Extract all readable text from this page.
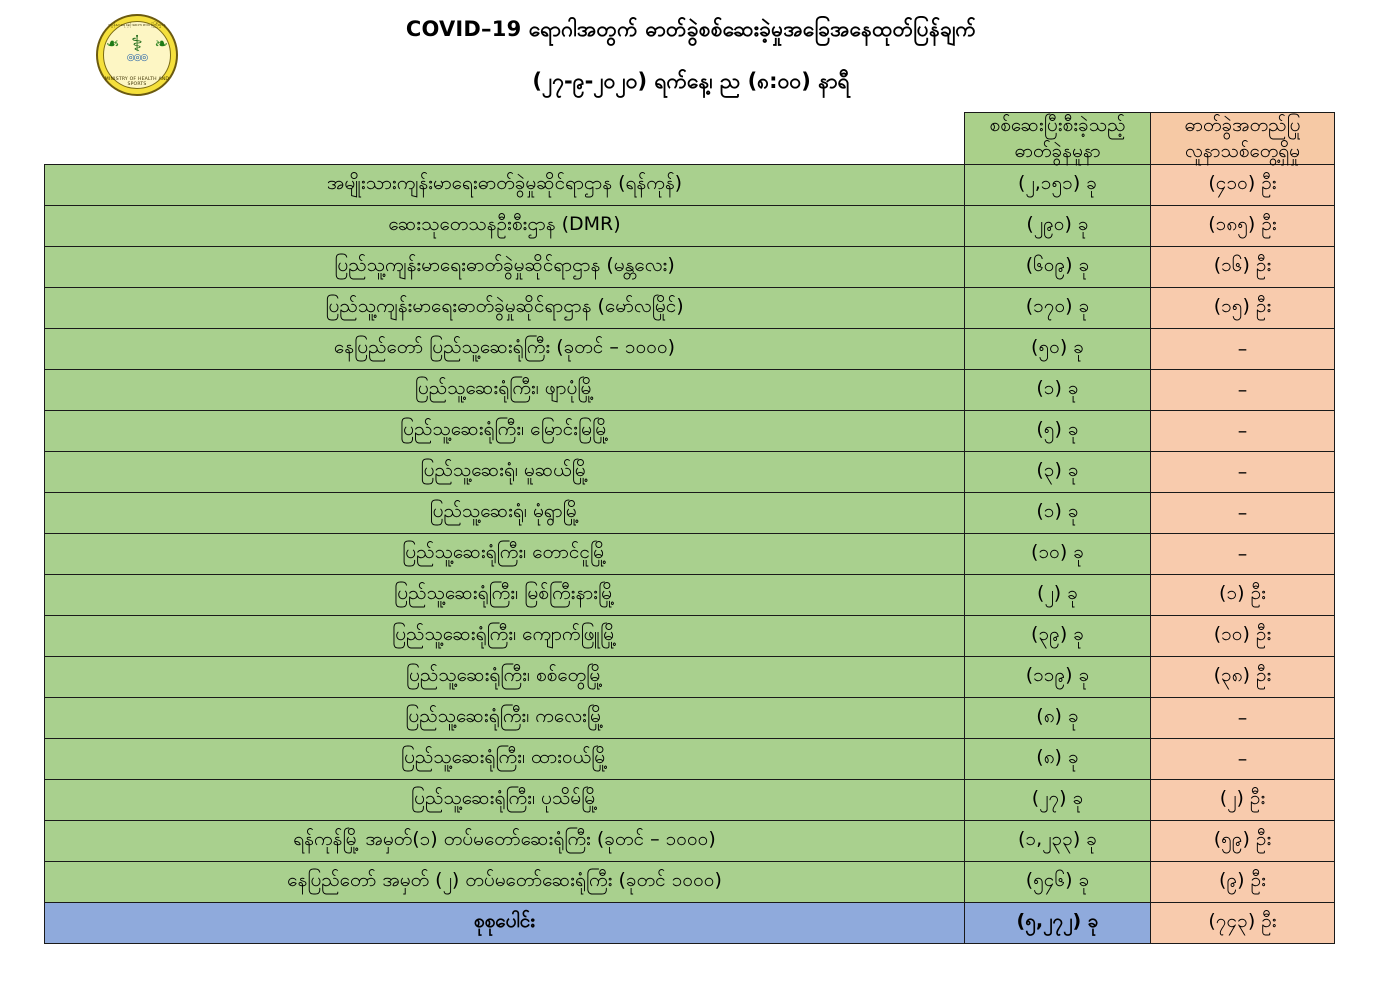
ကျန်းမာရေးနှင့်အားကစားဝန်ကြီးဌာန
MINISTRY OF HEALTH AND SPORTS
❧ ❧
⚕
◎◎◎
COVID–19 ရောဂါအတွက် ဓာတ်ခွဲစစ်ဆေးခဲ့မှုအခြေအနေထုတ်ပြန်ချက်
(၂၇-၉-၂၀၂၀) ရက်နေ့၊ ည (၈:၀၀) နာရီ

စစ်ဆေးပြီးစီးခဲ့သည့်
ဓာတ်ခွဲနမူနာ

ဓာတ်ခွဲအတည်ပြု
လူနာသစ်တွေ့ရှိမှု

အမျိုးသားကျန်းမာရေးဓာတ်ခွဲမှုဆိုင်ရာဌာန (ရန်ကုန်)	(၂,၁၅၁) ခု	(၄၁၀) ဦး
ဆေးသုတေသနဦးစီးဌာန (DMR)	(၂၉၀) ခု	(၁၈၅) ဦး
ပြည်သူ့ကျန်းမာရေးဓာတ်ခွဲမှုဆိုင်ရာဌာန (မန္တလေး)	(၆၀၉) ခု	(၁၆) ဦး
ပြည်သူ့ကျန်းမာရေးဓာတ်ခွဲမှုဆိုင်ရာဌာန (မော်လမြိုင်)	(၁၇၀) ခု	(၁၅) ဦး
နေပြည်တော် ပြည်သူ့ဆေးရုံကြီး (ခုတင် – ၁၀၀၀)	(၅၀) ခု	–
ပြည်သူ့ဆေးရုံကြီး၊ ဖျာပုံမြို့	(၁) ခု	–
ပြည်သူ့ဆေးရုံကြီး၊ မြောင်းမြမြို့	(၅) ခု	–
ပြည်သူ့ဆေးရုံ၊ မူဆယ်မြို့	(၃) ခု	–
ပြည်သူ့ဆေးရုံ၊ မုံရွာမြို့	(၁) ခု	–
ပြည်သူ့ဆေးရုံကြီး၊ တောင်ငူမြို့	(၁၀) ခု	–
ပြည်သူ့ဆေးရုံကြီး၊ မြစ်ကြီးနားမြို့	(၂) ခု	(၁) ဦး
ပြည်သူ့ဆေးရုံကြီး၊ ကျောက်ဖြူမြို့	(၃၉) ခု	(၁၀) ဦး
ပြည်သူ့ဆေးရုံကြီး၊ စစ်တွေမြို့	(၁၁၉) ခု	(၃၈) ဦး
ပြည်သူ့ဆေးရုံကြီး၊ ကလေးမြို့	(၈) ခု	–
ပြည်သူ့ဆေးရုံကြီး၊ ထားဝယ်မြို့	(၈) ခု	–
ပြည်သူ့ဆေးရုံကြီး၊ ပုသိမ်မြို့	(၂၇) ခု	(၂) ဦး
ရန်ကုန်မြို့ အမှတ်(၁) တပ်မတော်ဆေးရုံကြီး (ခုတင် – ၁၀၀၀)	(၁,၂၃၃) ခု	(၅၉) ဦး
နေပြည်တော် အမှတ် (၂) တပ်မတော်ဆေးရုံကြီး (ခုတင် ၁၀၀၀)	(၅၄၆) ခု	(၉) ဦး
စုစုပေါင်း	(၅,၂၇၂) ခု	(၇၄၃) ဦး
